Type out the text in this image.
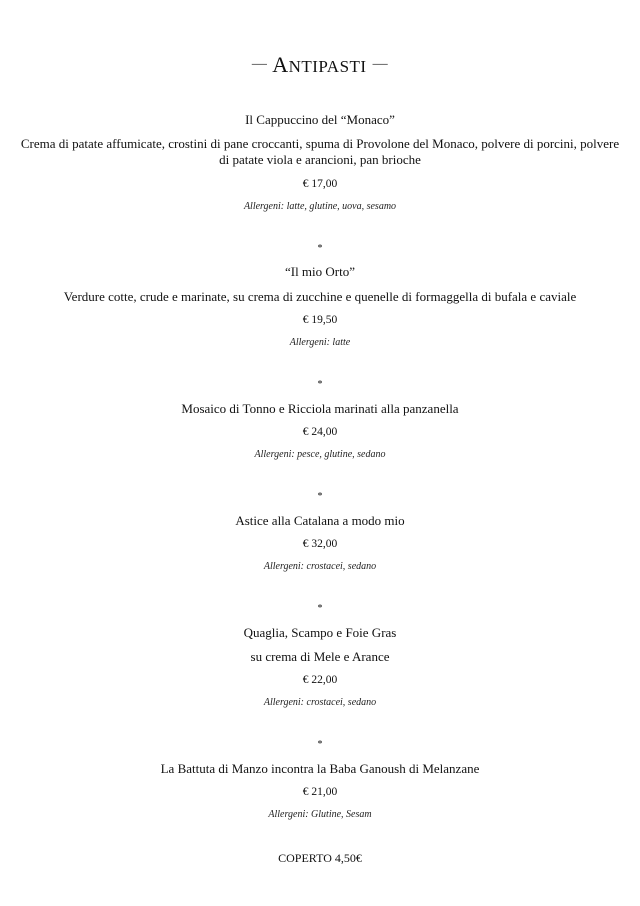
— ANTIPASTI —
Il Cappuccino del “Monaco”
Crema di patate affumicate, crostini di pane croccanti, spuma di Provolone del Monaco, polvere di porcini, polvere di patate viola e arancioni, pan brioche
€ 17,00
Allergeni: latte, glutine, uova, sesamo
*
“Il mio Orto”
Verdure cotte, crude e marinate, su crema di zucchine e quenelle di formaggella di bufala e caviale
€ 19,50
Allergeni: latte
*
Mosaico di Tonno e Ricciola marinati alla panzanella
€ 24,00
Allergeni: pesce, glutine, sedano
*
Astice alla Catalana a modo mio
€ 32,00
Allergeni: crostacei, sedano
*
Quaglia, Scampo e Foie Gras
su crema di Mele e Arance
€ 22,00
Allergeni: crostacei, sedano
*
La Battuta di Manzo incontra la Baba Ganoush di Melanzane
€ 21,00
Allergeni: Glutine, Sesam
COPERTO 4,50€
